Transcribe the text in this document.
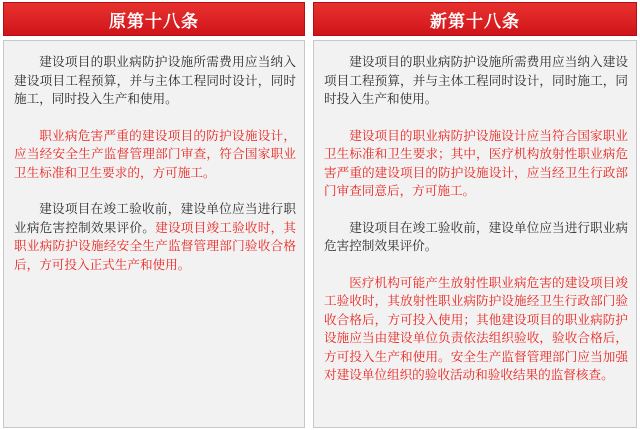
原第十八条

建设项目的职业病防护设施所需费用应当纳入建设项目工程预算，并与主体工程同时设计，同时施工，同时投入生产和使用。

职业病危害严重的建设项目的防护设施设计，应当经安全生产监督管理部门审查，符合国家职业卫生标准和卫生要求的，方可施工。

建设项目在竣工验收前，建设单位应当进行职业病危害控制效果评价。建设项目竣工验收时，其职业病防护设施经安全生产监督管理部门验收合格后，方可投入正式生产和使用。

新第十八条

建设项目的职业病防护设施所需费用应当纳入建设项目工程预算，并与主体工程同时设计，同时施工，同时投入生产和使用。

建设项目的职业病防护设施设计应当符合国家职业卫生标准和卫生要求；其中，医疗机构放射性职业病危害严重的建设项目的防护设施设计，应当经卫生行政部门审查同意后，方可施工。

建设项目在竣工验收前，建设单位应当进行职业病危害控制效果评价。

医疗机构可能产生放射性职业病危害的建设项目竣工验收时，其放射性职业病防护设施经卫生行政部门验收合格后，方可投入使用；其他建设项目的职业病防护设施应当由建设单位负责依法组织验收，验收合格后，方可投入生产和使用。安全生产监督管理部门应当加强对建设单位组织的验收活动和验收结果的监督核查。
